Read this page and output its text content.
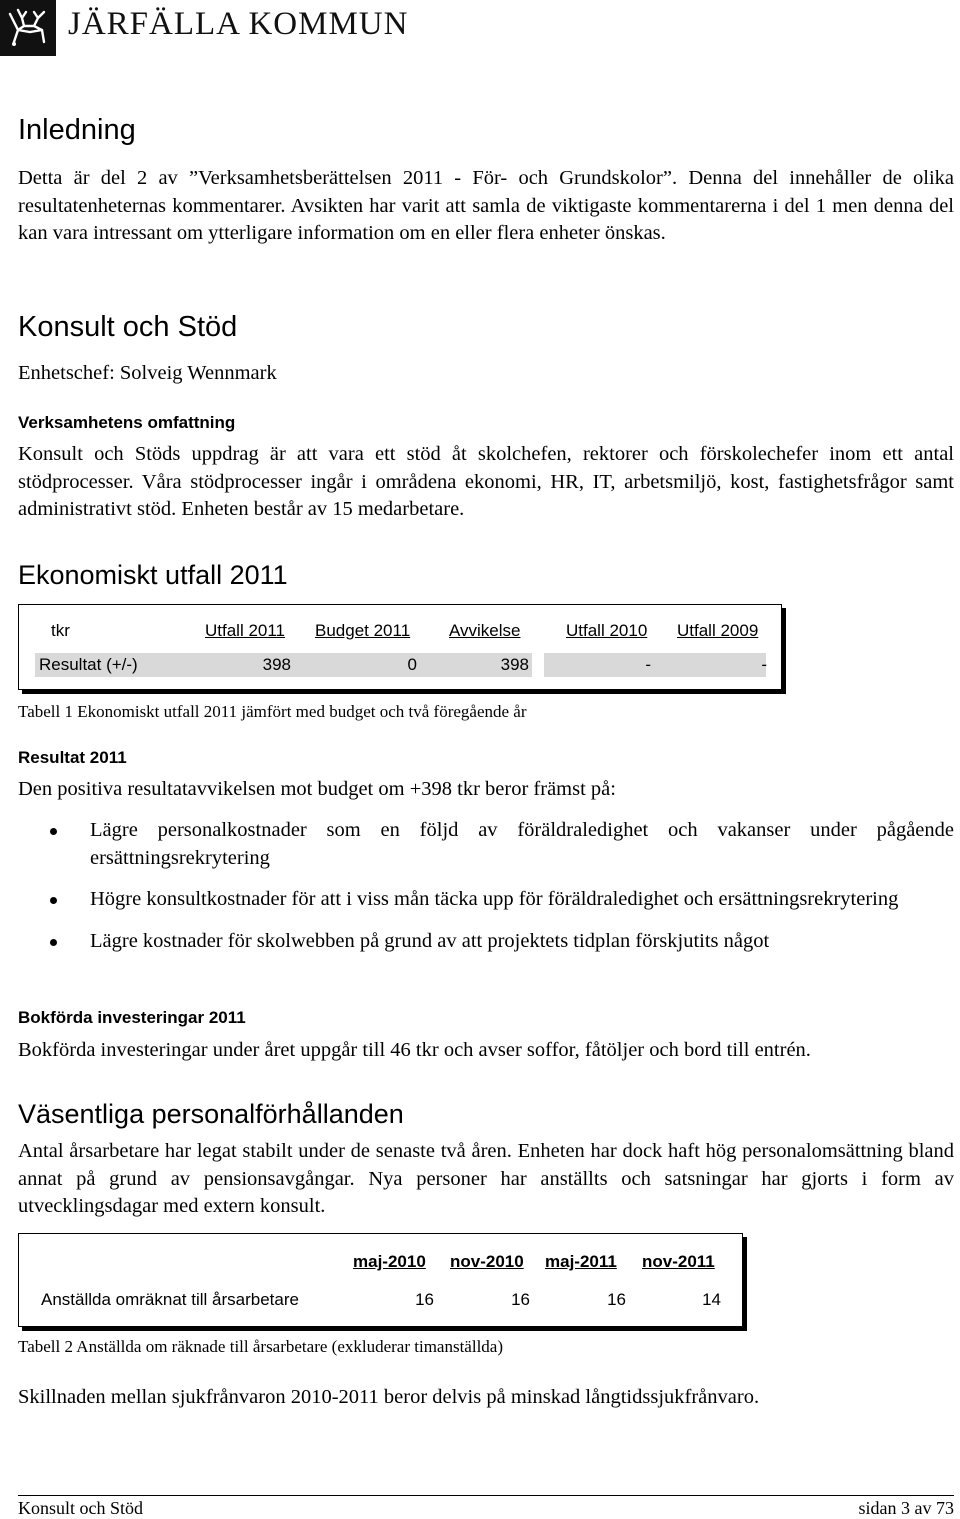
JÄRFÄLLA KOMMUN
Inledning
Detta är del 2 av ”Verksamhetsberättelsen 2011 - För- och Grundskolor”. Denna del innehåller de olika resultatenheternas kommentarer. Avsikten har varit att samla de viktigaste kommentarerna i del 1 men denna del kan vara intressant om ytterligare information om en eller flera enheter önskas.
Konsult och Stöd
Enhetschef: Solveig Wennmark
Verksamhetens omfattning
Konsult och Stöds uppdrag är att vara ett stöd åt skolchefen, rektorer och förskolechefer inom ett antal stödprocesser. Våra stödprocesser ingår i områdena ekonomi, HR, IT, arbetsmiljö, kost, fastighetsfrågor samt administrativt stöd. Enheten består av 15 medarbetare.
Ekonomiskt utfall 2011
tkr	Utfall 2011 Budget 2011 Avvikelse	Utfall 2010 Utfall 2009
Resultat (+/-)	398	0	398	-	-
Tabell 1 Ekonomiskt utfall 2011 jämfört med budget och två föregående år
Resultat 2011
Den positiva resultatavvikelsen mot budget om +398 tkr beror främst på:

Lägre personalkostnader som en följd av föräldraledighet och vakanser under pågående ersättningsrekrytering

Högre konsultkostnader för att i viss mån täcka upp för föräldraledighet och ersättningsrekrytering

Lägre kostnader för skolwebben på grund av att projektets tidplan förskjutits något

Bokförda investeringar 2011
Bokförda investeringar under året uppgår till 46 tkr och avser soffor, fåtöljer och bord till entrén.
Väsentliga personalförhållanden
Antal årsarbetare har legat stabilt under de senaste två åren. Enheten har dock haft hög personalomsättning bland annat på grund av pensionsavgångar. Nya personer har anställts och satsningar har gjorts i form av utvecklingsdagar med extern konsult.
maj-2010 nov-2010 maj-2011 nov-2011
Anställda omräknat till årsarbetare	16	16	16	14
Tabell 2 Anställda om räknade till årsarbetare (exkluderar timanställda)
Skillnaden mellan sjukfrånvaron 2010-2011 beror delvis på minskad långtidssjukfrånvaro.
Konsult och Stöd	sidan 3 av 73
